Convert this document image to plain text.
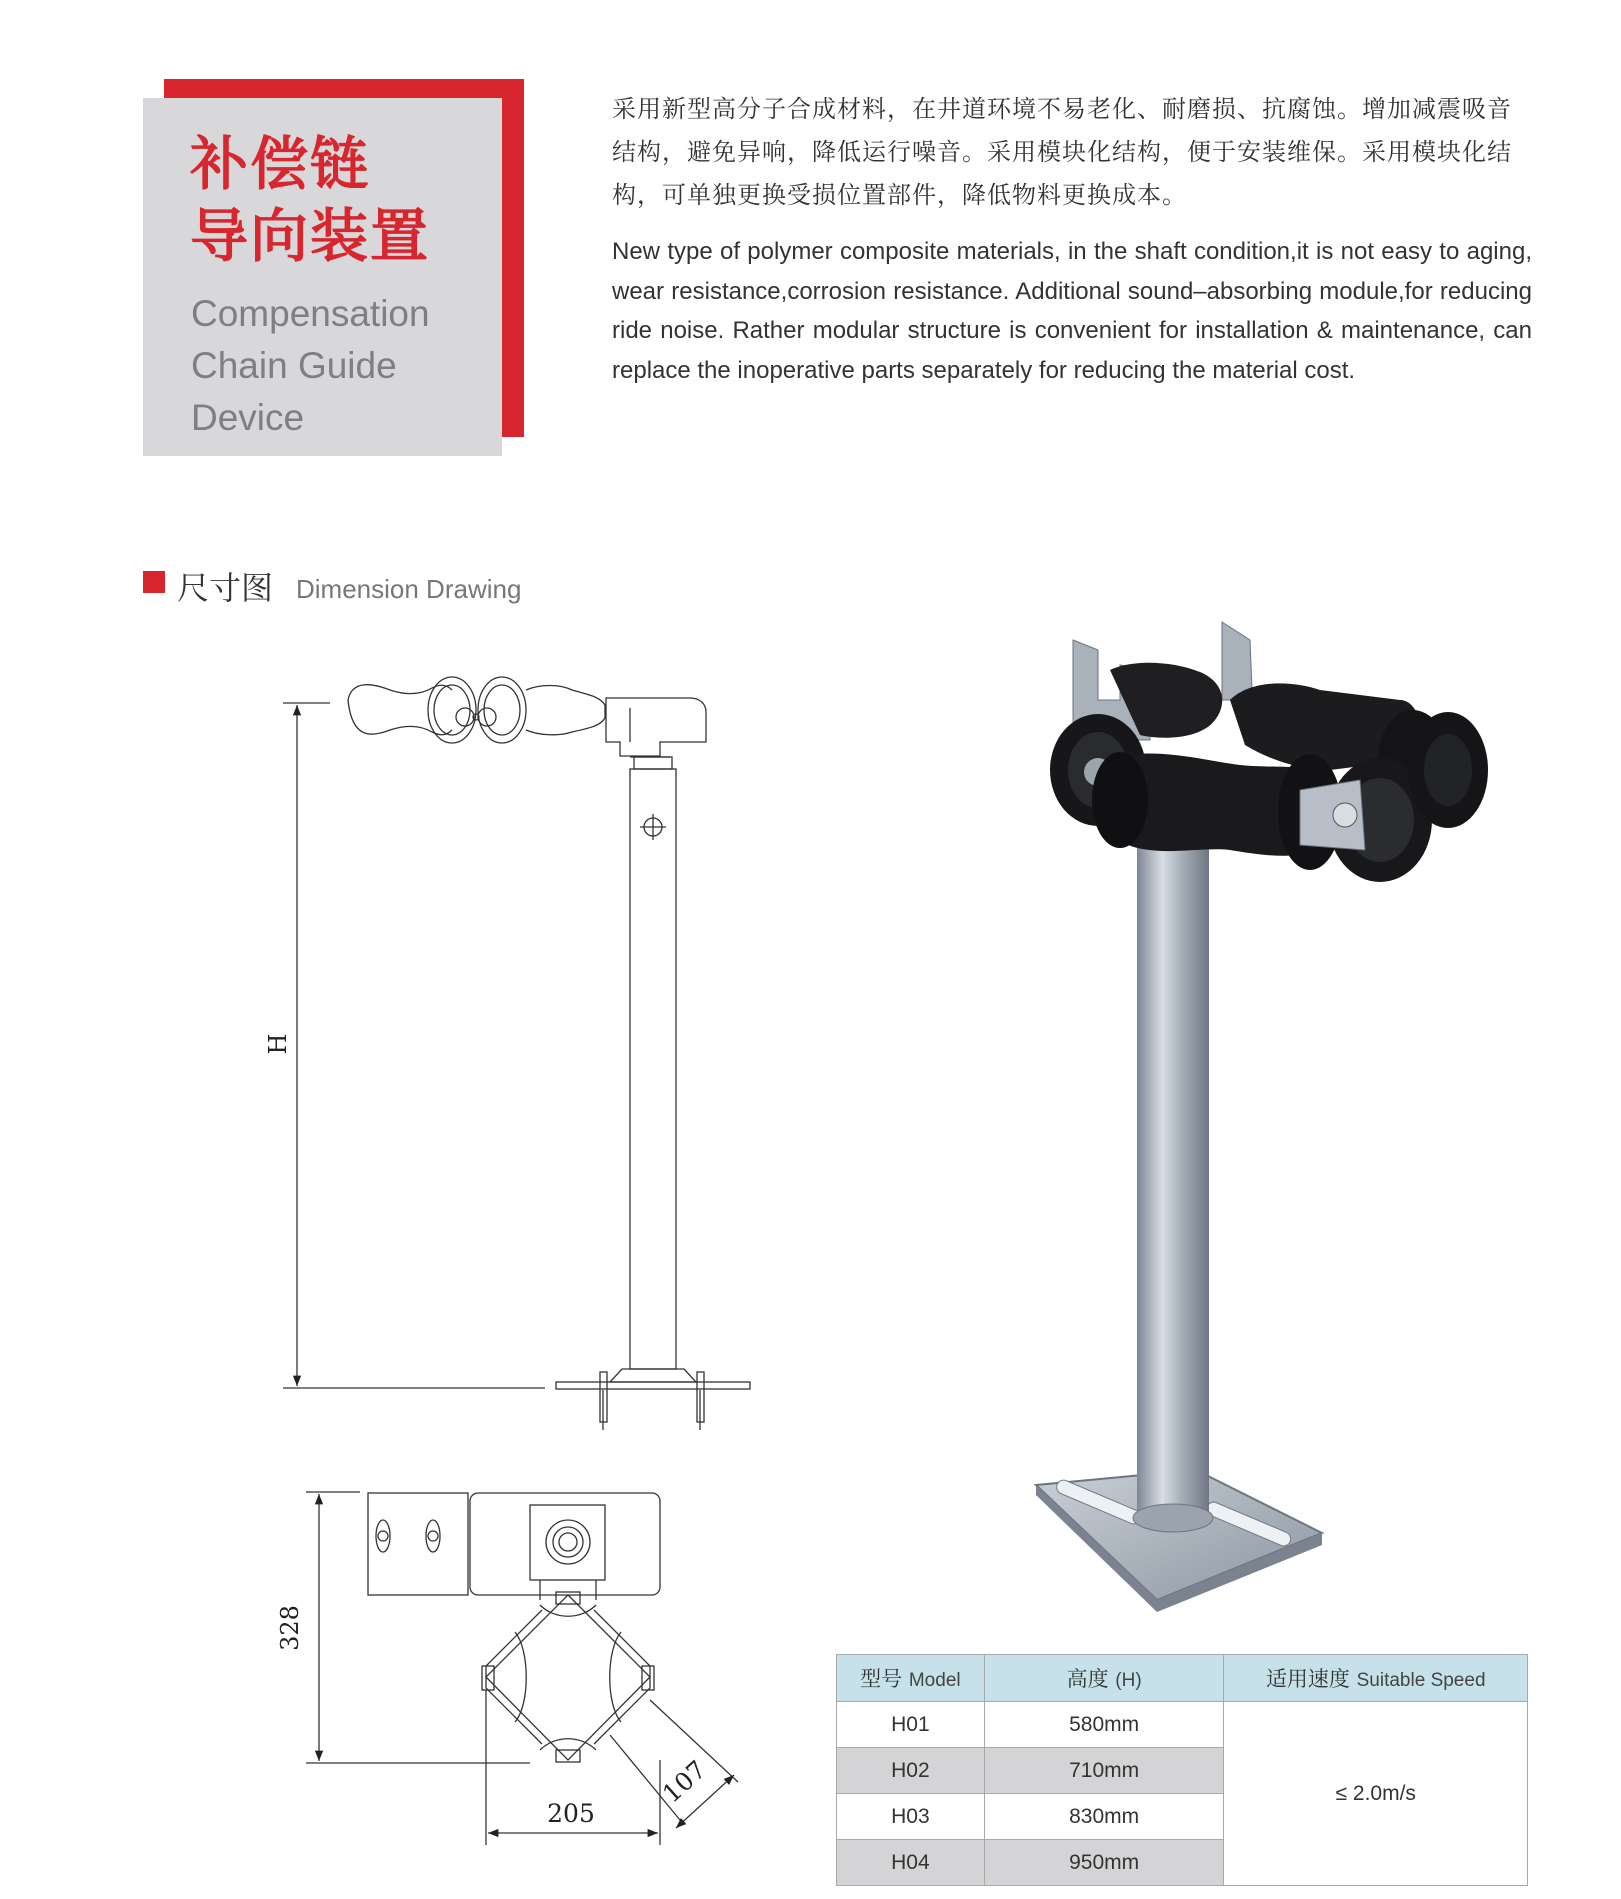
补偿链
导向装置
Compensation
Chain Guide
Device
采用新型高分子合成材料，在井道环境不易老化、耐磨损、抗腐蚀。增加减震吸音结构，避免异响，降低运行噪音。采用模块化结构，便于安装维保。采用模块化结构，可单独更换受损位置部件，降低物料更换成本。
New type of polymer composite materials, in the shaft condition,it is not easy to aging, wear resistance,corrosion resistance. Additional sound–absorbing module,for reducing ride noise. Rather modular structure is convenient for installation & maintenance, can replace the inoperative parts separately for reducing the material cost.
尺寸图 Dimension Drawing
H
328
205
107
型号 Model	高度 (H)	适用速度 Suitable Speed
H01	580mm	≤ 2.0m/s
H02	710mm	
H03	830mm	
H04	950mm	
